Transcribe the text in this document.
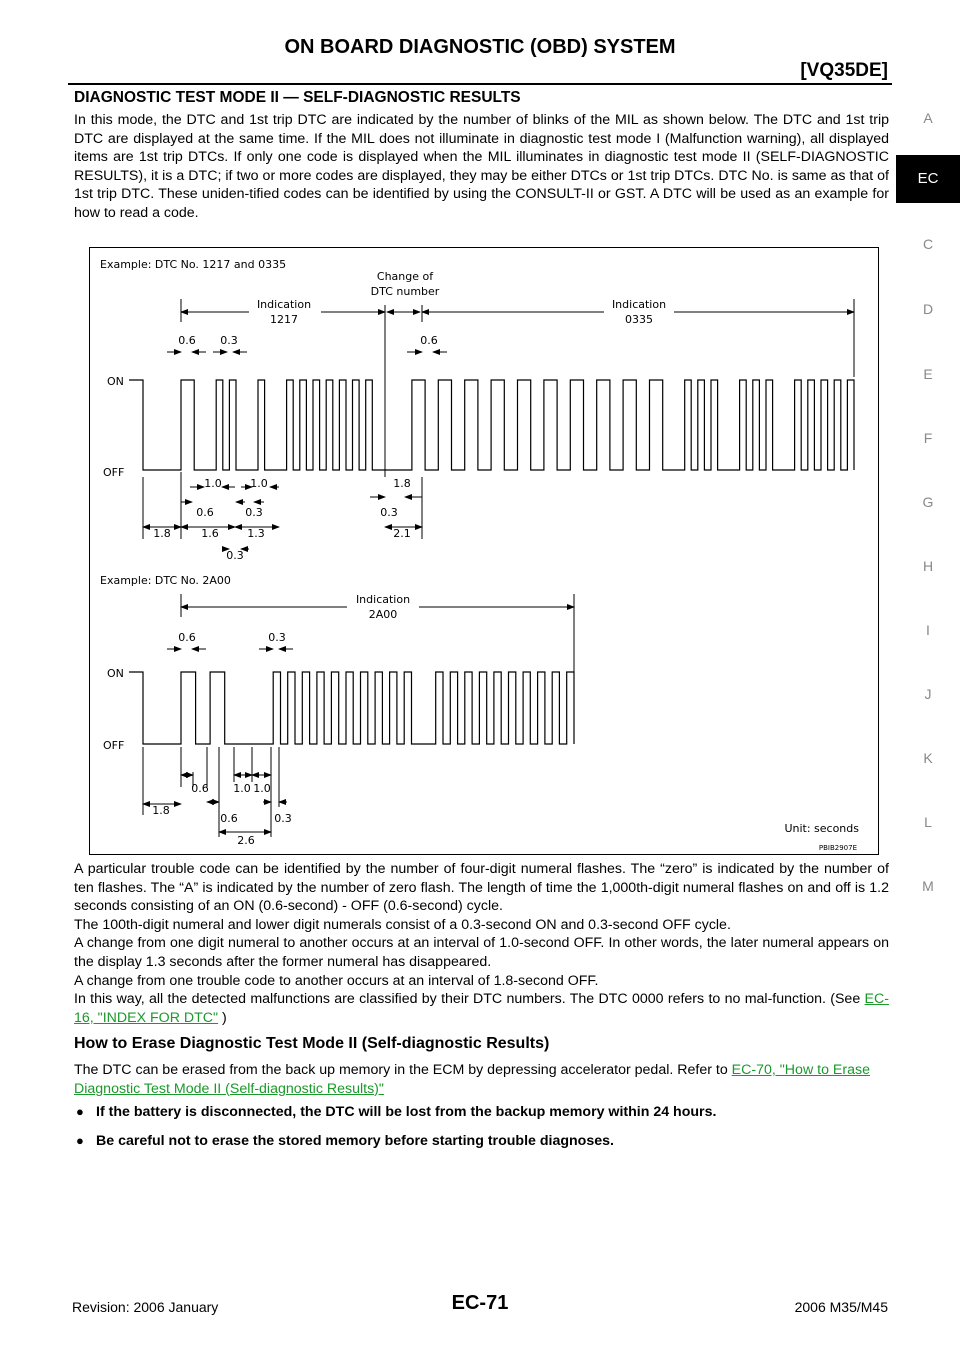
ON BOARD DIAGNOSTIC (OBD) SYSTEM
[VQ35DE]
DIAGNOSTIC TEST MODE II — SELF-DIAGNOSTIC RESULTS

In this mode, the DTC and 1st trip DTC are indicated by the number of blinks of the MIL as shown below. The DTC and 1st trip DTC are displayed at the same time. If the MIL does not illuminate in diagnostic test mode I (Malfunction warning), all displayed items are 1st trip DTCs. If only one code is displayed when the MIL illuminates in diagnostic test mode II (SELF-DIAGNOSTIC RESULTS), it is a DTC; if two or more codes are displayed, they may be either DTCs or 1st trip DTCs. DTC No. is same as that of 1st trip DTC. These uniden-tified codes can be identified by using the CONSULT-II or GST. A DTC will be used as an example for how to read a code.

Example: DTC No. 1217 and 0335
Change of
DTC number
Indication
1217
Indication
0335
0.6 0.3	0.6
ON
OFF
1.0	1.0	1.8
0.6	0.3	0.3
1.8	1.6	1.3	2.1
0.3
Example: DTC No. 2A00
Indication
2A00
0.6	0.3
ON
OFF
0.6 1.0 1.0
1.8
0.6	0.3
2.6
Unit: seconds
PBIB2907E

A particular trouble code can be identified by the number of four-digit numeral flashes. The “zero” is indicated by the number of ten flashes. The “A” is indicated by the number of zero flash. The length of time the 1,000th-digit numeral flashes on and off is 1.2 seconds consisting of an ON (0.6-second) - OFF (0.6-second) cycle.

The 100th-digit numeral and lower digit numerals consist of a 0.3-second ON and 0.3-second OFF cycle.

A change from one digit numeral to another occurs at an interval of 1.0-second OFF. In other words, the later numeral appears on the display 1.3 seconds after the former numeral has disappeared.

A change from one trouble code to another occurs at an interval of 1.8-second OFF.

In this way, all the detected malfunctions are classified by their DTC numbers. The DTC 0000 refers to no mal-function. (See EC-16, "INDEX FOR DTC" )

How to Erase Diagnostic Test Mode II (Self-diagnostic Results)

The DTC can be erased from the back up memory in the ECM by depressing accelerator pedal. Refer to EC-70, "How to Erase Diagnostic Test Mode II (Self-diagnostic Results)"

● If the battery is disconnected, the DTC will be lost from the backup memory within 24 hours.
● Be careful not to erase the stored memory before starting trouble diagnoses.
A
EC
C
D
E
F
G
H
I
J
K
L
M
Revision: 2006 January	EC-71	2006 M35/M45
